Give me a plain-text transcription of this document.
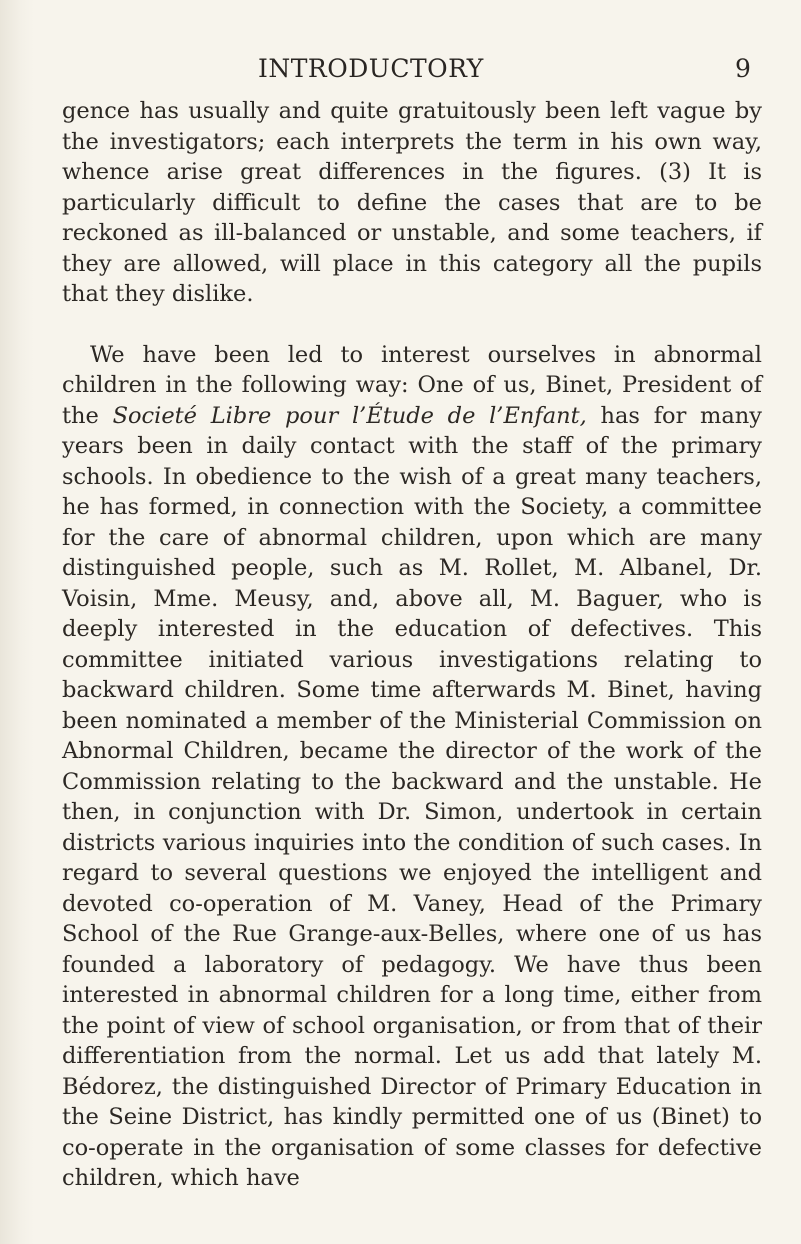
INTRODUCTORY	9

gence has usually and quite gratuitously been left vague by the investigators; each interprets the term in his own way, whence arise great differences in the figures. (3) It is particularly difficult to define the cases that are to be reckoned as ill-balanced or unstable, and some teachers, if they are allowed, will place in this category all the pupils that they dislike.

We have been led to interest ourselves in abnormal children in the following way: One of us, Binet, President of the Societé Libre pour l’Étude de l’Enfant, has for many years been in daily contact with the staff of the primary schools. In obedience to the wish of a great many teachers, he has formed, in connection with the Society, a committee for the care of abnormal children, upon which are many distinguished people, such as M. Rollet, M. Albanel, Dr. Voisin, Mme. Meusy, and, above all, M. Baguer, who is deeply interested in the education of defectives. This committee initiated various investigations relating to backward children. Some time afterwards M. Binet, having been nominated a member of the Ministerial Commission on Abnormal Children, became the director of the work of the Commission relating to the backward and the unstable. He then, in conjunction with Dr. Simon, undertook in certain districts various inquiries into the condition of such cases. In regard to several questions we enjoyed the intelligent and devoted co-operation of M. Vaney, Head of the Primary School of the Rue Grange-aux-Belles, where one of us has founded a laboratory of pedagogy. We have thus been interested in abnormal children for a long time, either from the point of view of school organisation, or from that of their differentiation from the normal. Let us add that lately M. Bédorez, the distinguished Director of Primary Education in the Seine District, has kindly permitted one of us (Binet) to co-operate in the organisation of some classes for defective children, which have
